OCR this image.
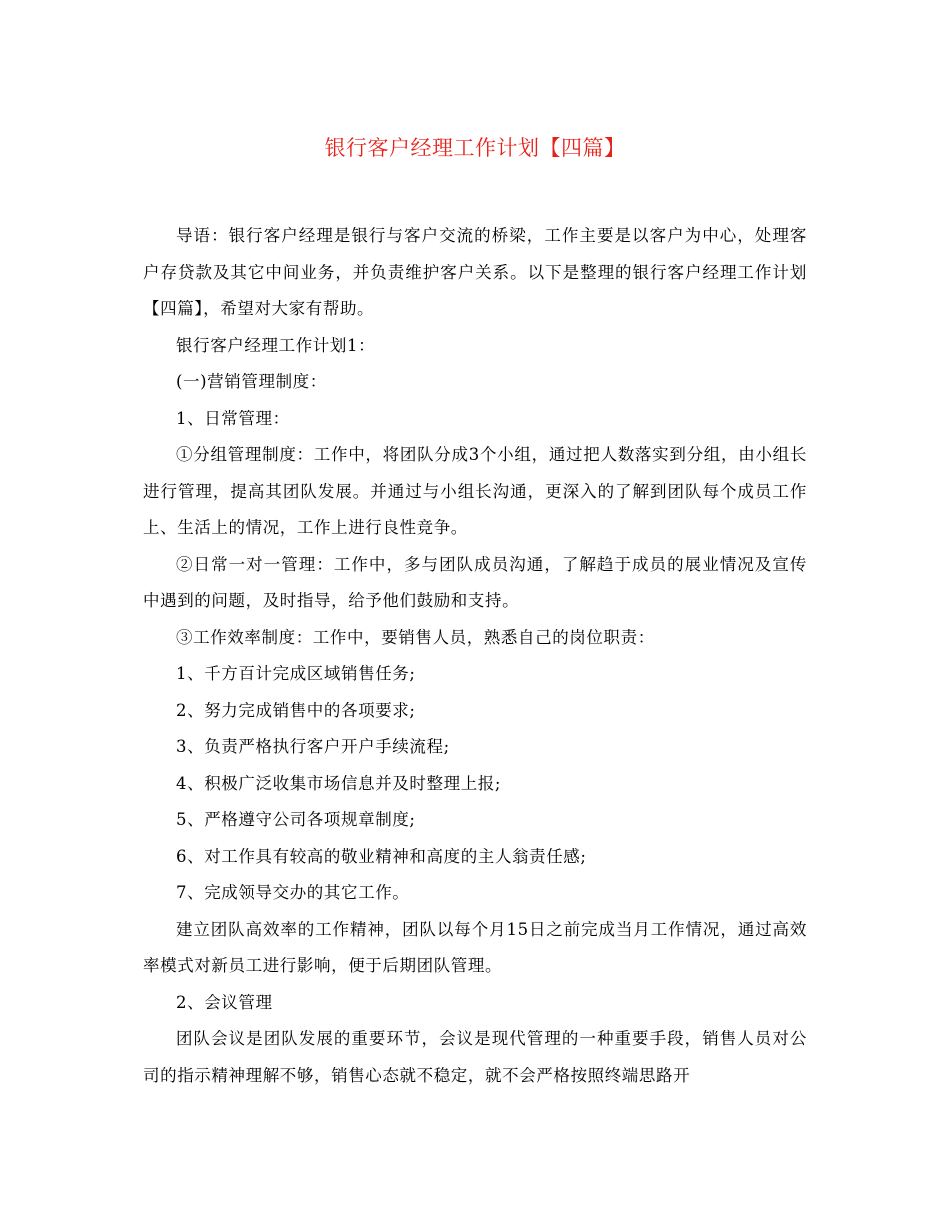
银行客户经理工作计划【四篇】

导语：银行客户经理是银行与客户交流的桥梁，工作主要是以客户为中心，处理客户存贷款及其它中间业务，并负责维护客户关系。以下是整理的银行客户经理工作计划【四篇】，希望对大家有帮助。

银行客户经理工作计划1：

(一)营销管理制度：

1、日常管理：

①分组管理制度：工作中，将团队分成3个小组，通过把人数落实到分组，由小组长进行管理，提高其团队发展。并通过与小组长沟通，更深入的了解到团队每个成员工作上、生活上的情况，工作上进行良性竞争。

②日常一对一管理：工作中，多与团队成员沟通，了解趋于成员的展业情况及宣传中遇到的问题，及时指导，给予他们鼓励和支持。

③工作效率制度：工作中，要销售人员，熟悉自己的岗位职责：

1、千方百计完成区域销售任务;

2、努力完成销售中的各项要求;

3、负责严格执行客户开户手续流程;

4、积极广泛收集市场信息并及时整理上报;

5、严格遵守公司各项规章制度;

6、对工作具有较高的敬业精神和高度的主人翁责任感;

7、完成领导交办的其它工作。

建立团队高效率的工作精神，团队以每个月15日之前完成当月工作情况，通过高效率模式对新员工进行影响，便于后期团队管理。

2、会议管理

团队会议是团队发展的重要环节，会议是现代管理的一种重要手段，销售人员对公司的指示精神理解不够，销售心态就不稳定，就不会严格按照终端思路开
